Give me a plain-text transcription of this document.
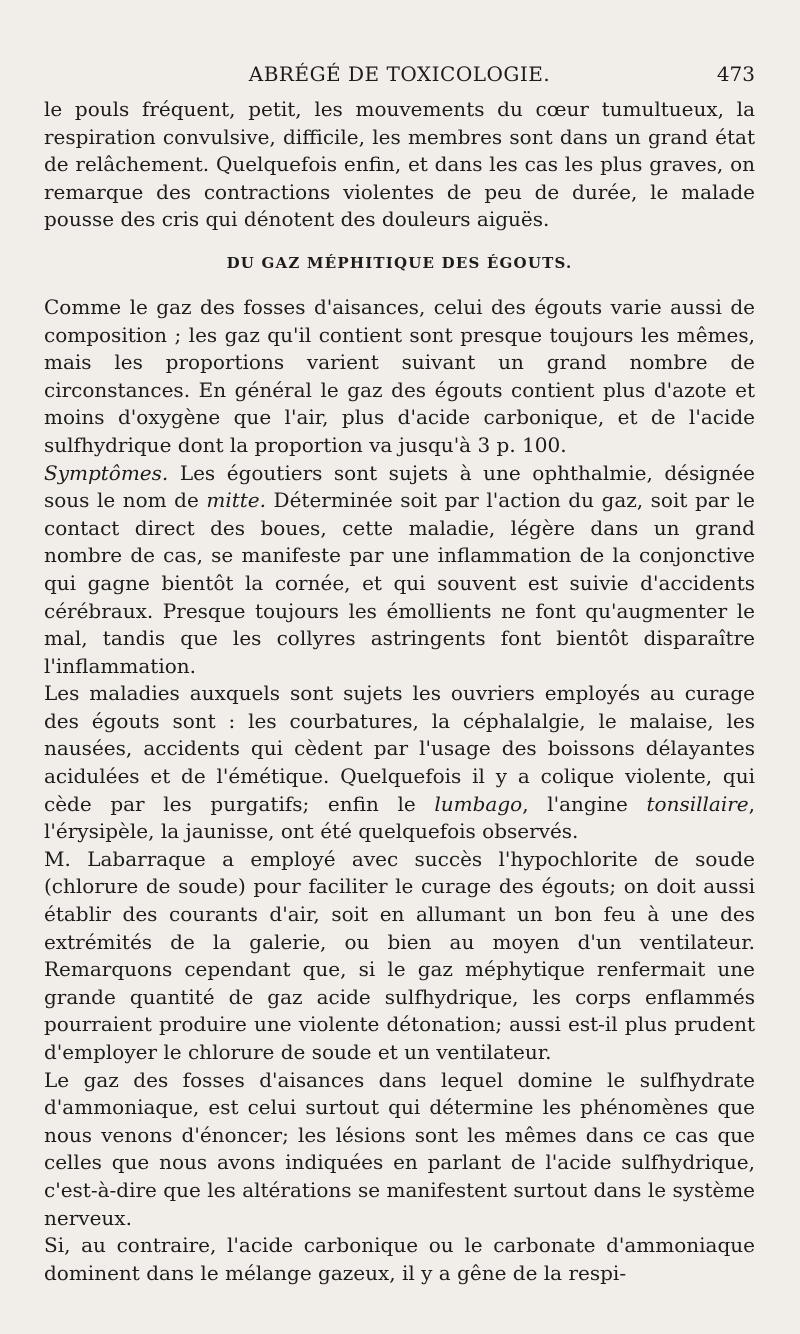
ABRÉGÉ DE TOXICOLOGIE.	473

le pouls fréquent, petit, les mouvements du cœur tumultueux, la respiration convulsive, difficile, les membres sont dans un grand état de relâchement. Quelquefois enfin, et dans les cas les plus graves, on remarque des contractions violentes de peu de durée, le malade pousse des cris qui dénotent des douleurs aiguës.

DU GAZ MÉPHITIQUE DES ÉGOUTS.

Comme le gaz des fosses d'aisances, celui des égouts varie aussi de composition ; les gaz qu'il contient sont presque toujours les mêmes, mais les proportions varient suivant un grand nombre de circonstances. En général le gaz des égouts contient plus d'azote et moins d'oxygène que l'air, plus d'acide carbonique, et de l'acide sulfhydrique dont la proportion va jusqu'à 3 p. 100.

Symptômes. Les égoutiers sont sujets à une ophthalmie, désignée sous le nom de mitte. Déterminée soit par l'action du gaz, soit par le contact direct des boues, cette maladie, légère dans un grand nombre de cas, se manifeste par une inflammation de la conjonctive qui gagne bientôt la cornée, et qui souvent est suivie d'accidents cérébraux. Presque toujours les émollients ne font qu'augmenter le mal, tandis que les collyres astringents font bientôt disparaître l'inflammation.

Les maladies auxquels sont sujets les ouvriers employés au curage des égouts sont : les courbatures, la céphalalgie, le malaise, les nausées, accidents qui cèdent par l'usage des boissons délayantes acidulées et de l'émétique. Quelquefois il y a colique violente, qui cède par les purgatifs; enfin le lumbago, l'angine tonsillaire, l'érysipèle, la jaunisse, ont été quelquefois observés.

M. Labarraque a employé avec succès l'hypochlorite de soude (chlorure de soude) pour faciliter le curage des égouts; on doit aussi établir des courants d'air, soit en allumant un bon feu à une des extrémités de la galerie, ou bien au moyen d'un ventilateur. Remarquons cependant que, si le gaz méphytique renfermait une grande quantité de gaz acide sulfhydrique, les corps enflammés pourraient produire une violente détonation; aussi est-il plus prudent d'employer le chlorure de soude et un ventilateur.

Le gaz des fosses d'aisances dans lequel domine le sulfhydrate d'ammoniaque, est celui surtout qui détermine les phénomènes que nous venons d'énoncer; les lésions sont les mêmes dans ce cas que celles que nous avons indiquées en parlant de l'acide sulfhydrique, c'est-à-dire que les altérations se manifestent surtout dans le système nerveux.

Si, au contraire, l'acide carbonique ou le carbonate d'ammoniaque dominent dans le mélange gazeux, il y a gêne de la respi-
